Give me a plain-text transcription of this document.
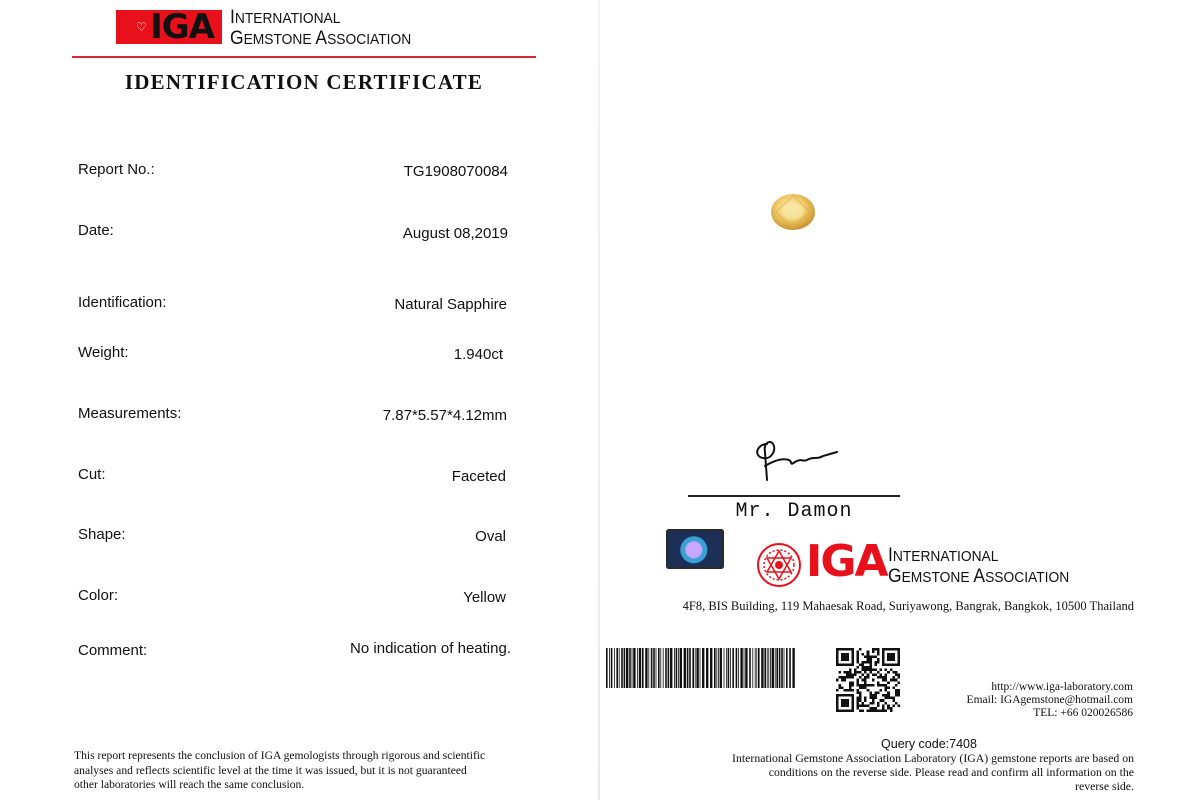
♡ IGA INTERNATIONAL
GEMSTONE ASSOCIATION
IDENTIFICATION CERTIFICATE
Report No.:	TG1908070084
Date:	August 08,2019
Identification:	Natural Sapphire
Weight:	1.940ct
Measurements:	7.87*5.57*4.12mm
Cut:	Faceted
Shape:	Oval
Color:	Yellow
Comment:	No indication of heating.
This report represents the conclusion of IGA gemologists through rigorous and scientific
analyses and reflects scientific level at the time it was issued, but it is not guaranteed
other laboratories will reach the same conclusion.
Mr. Damon
IGA INTERNATIONAL
GEMSTONE ASSOCIATION
4F8, BIS Building, 119 Mahaesak Road, Suriyawong, Bangrak, Bangkok, 10500 Thailand
http://www.iga-laboratory.com
Email: IGAgemstone@hotmail.com
TEL: +66 020026586
Query code:7408
International Gemstone Association Laboratory (IGA) gemstone reports are based on
conditions on the reverse side. Please read and confirm all information on the
reverse side.
